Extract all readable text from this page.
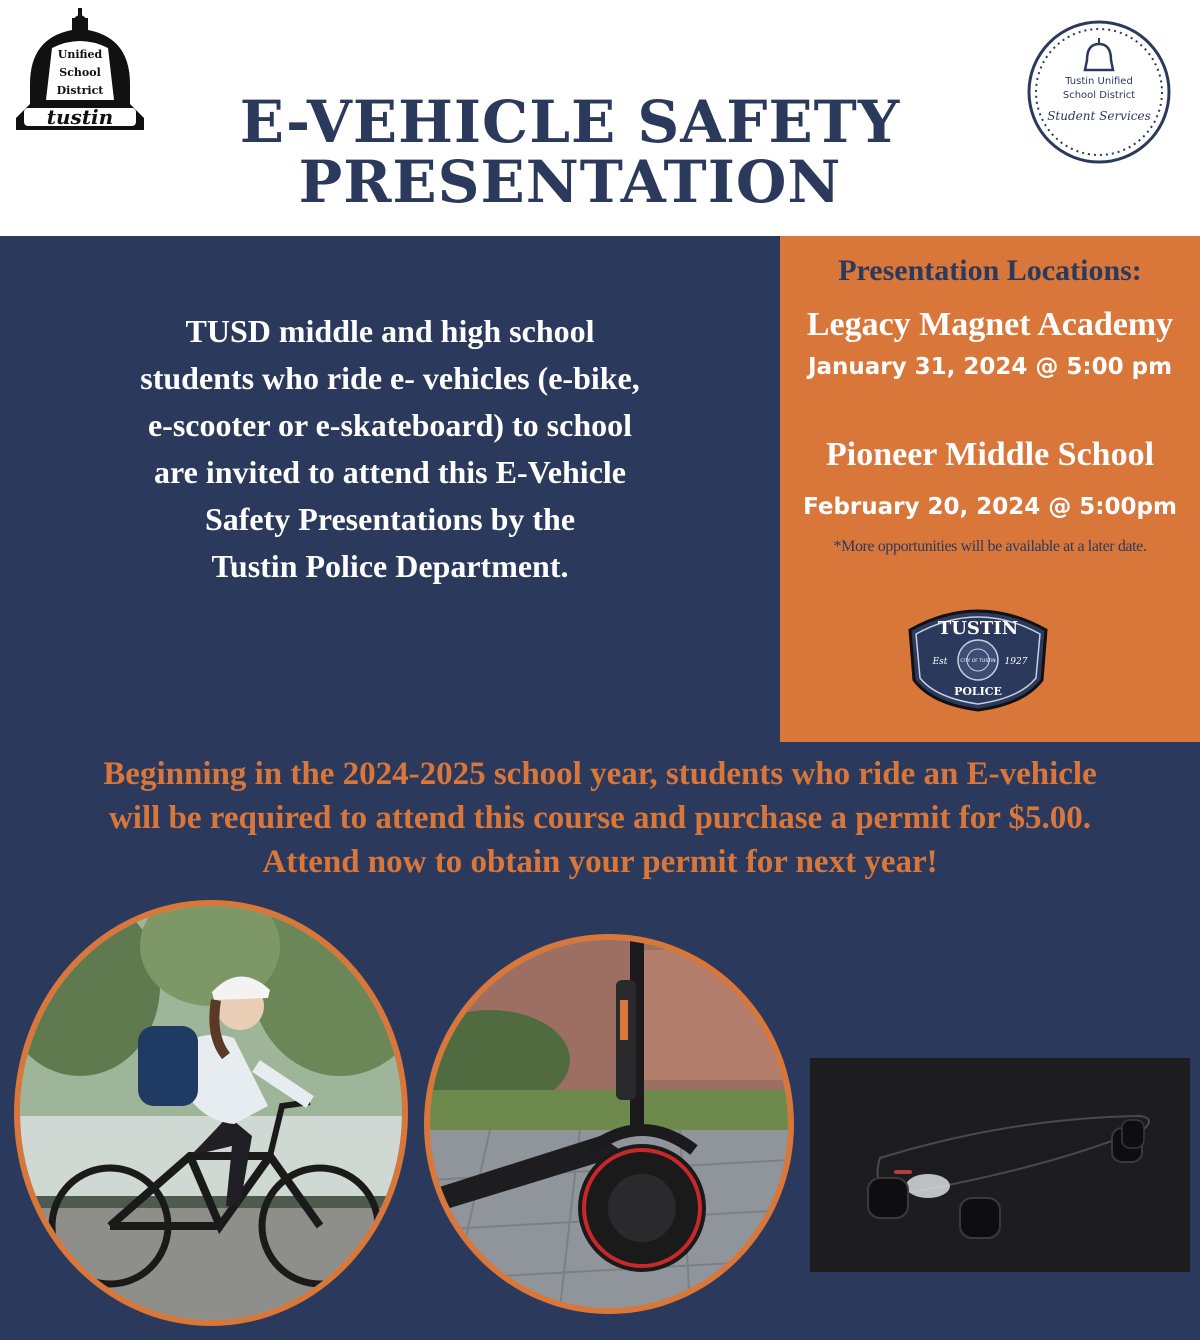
Unified
School
District
tustin	E-VEHICLE SAFETY
PRESENTATION
Tustin Unified
School District
Student Services
TUSD middle and high school
students who ride e- vehicles (e-bike,
e-scooter or e-skateboard) to school
are invited to attend this E-Vehicle
Safety Presentations by the
Tustin Police Department.
Presentation Locations:
Legacy Magnet Academy
January 31, 2024 @ 5:00 pm
Pioneer Middle School
February 20, 2024 @ 5:00pm
*More opportunities will be available at a later date.
TUSTIN
CITY OF TUSTIN
Est	1927
POLICE
Beginning in the 2024-2025 school year, students who ride an E-vehicle
will be required to attend this course and purchase a permit for $5.00.
Attend now to obtain your permit for next year!
